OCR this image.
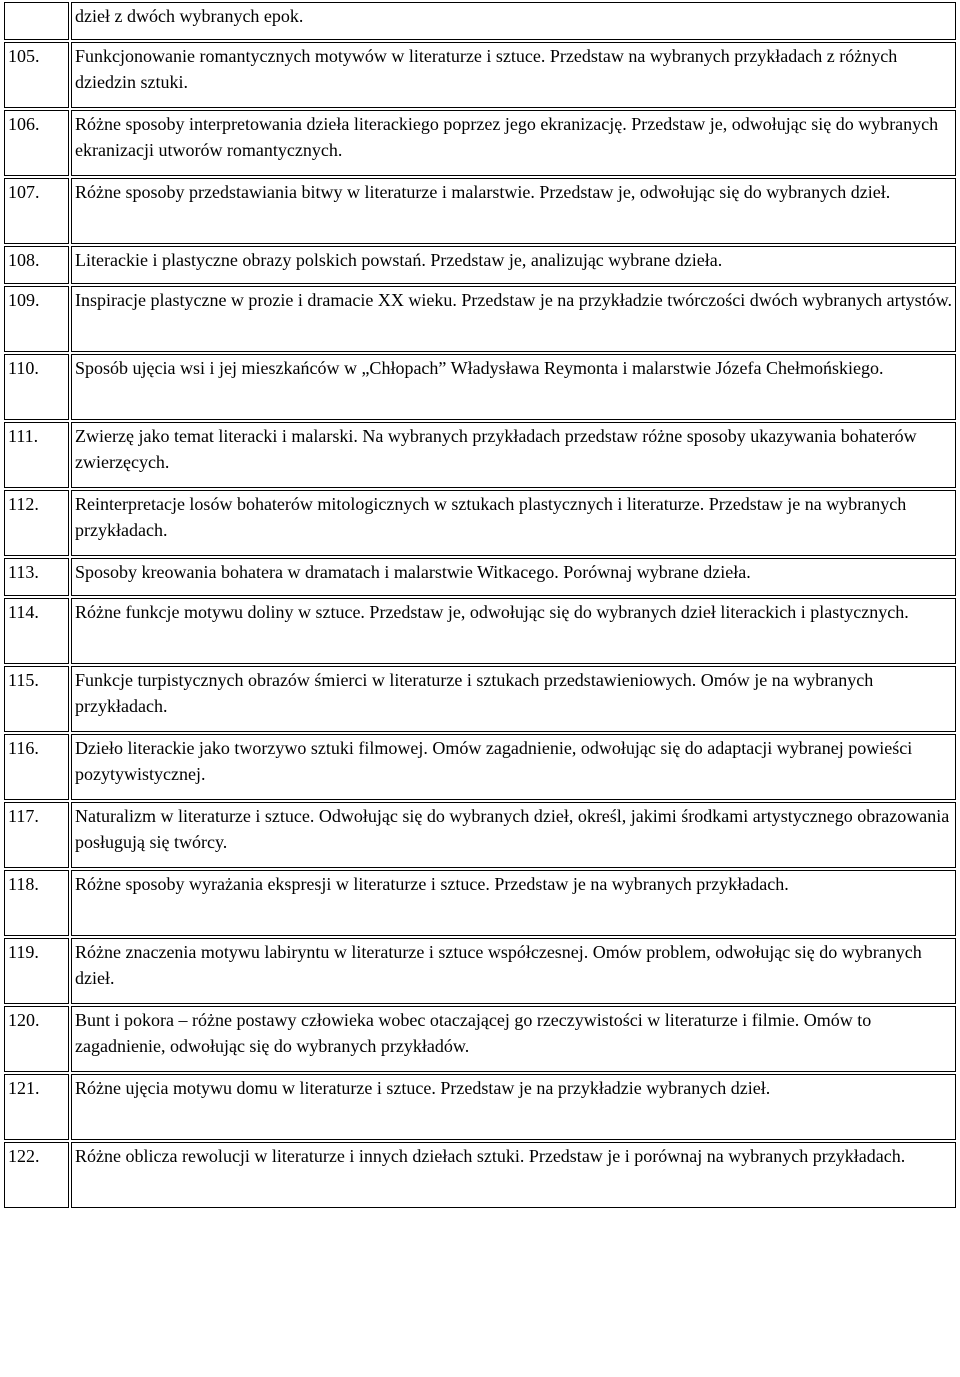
	dzieł z dwóch wybranych epok.
105.	Funkcjonowanie romantycznych motywów w literaturze i sztuce. Przedstaw na wybranych przykładach z różnych dziedzin sztuki.
106.	Różne sposoby interpretowania dzieła literackiego poprzez jego ekranizację. Przedstaw je, odwołując się do wybranych ekranizacji utworów romantycznych.
107.	Różne sposoby przedstawiania bitwy w literaturze i malarstwie. Przedstaw je, odwołując się do wybranych dzieł.
108.	Literackie i plastyczne obrazy polskich powstań. Przedstaw je, analizując wybrane dzieła.
109.	Inspiracje plastyczne w prozie i dramacie XX wieku. Przedstaw je na przykładzie twórczości dwóch wybranych artystów.
110.	Sposób ujęcia wsi i jej mieszkańców w „Chłopach” Władysława Reymonta i malarstwie Józefa Chełmońskiego.
111.	Zwierzę jako temat literacki i malarski. Na wybranych przykładach przedstaw różne sposoby ukazywania bohaterów zwierzęcych.
112.	Reinterpretacje losów bohaterów mitologicznych w sztukach plastycznych i literaturze. Przedstaw je na wybranych przykładach.
113.	Sposoby kreowania bohatera w dramatach i malarstwie Witkacego. Porównaj wybrane dzieła.
114.	Różne funkcje motywu doliny w sztuce. Przedstaw je, odwołując się do wybranych dzieł literackich i plastycznych.
115.	Funkcje turpistycznych obrazów śmierci w literaturze i sztukach przedstawieniowych. Omów je na wybranych przykładach.
116.	Dzieło literackie jako tworzywo sztuki filmowej. Omów zagadnienie, odwołując się do adaptacji wybranej powieści pozytywistycznej.
117.	Naturalizm w literaturze i sztuce. Odwołując się do wybranych dzieł, określ, jakimi środkami artystycznego obrazowania posługują się twórcy.
118.	Różne sposoby wyrażania ekspresji w literaturze i sztuce. Przedstaw je na wybranych przykładach.
119.	Różne znaczenia motywu labiryntu w literaturze i sztuce współczesnej. Omów problem, odwołując się do wybranych dzieł.
120.	Bunt i pokora – różne postawy człowieka wobec otaczającej go rzeczywistości w literaturze i filmie. Omów to zagadnienie, odwołując się do wybranych przykładów.
121.	Różne ujęcia motywu domu w literaturze i sztuce. Przedstaw je na przykładzie wybranych dzieł.
122.	Różne oblicza rewolucji w literaturze i innych dziełach sztuki. Przedstaw je i porównaj na wybranych przykładach.
